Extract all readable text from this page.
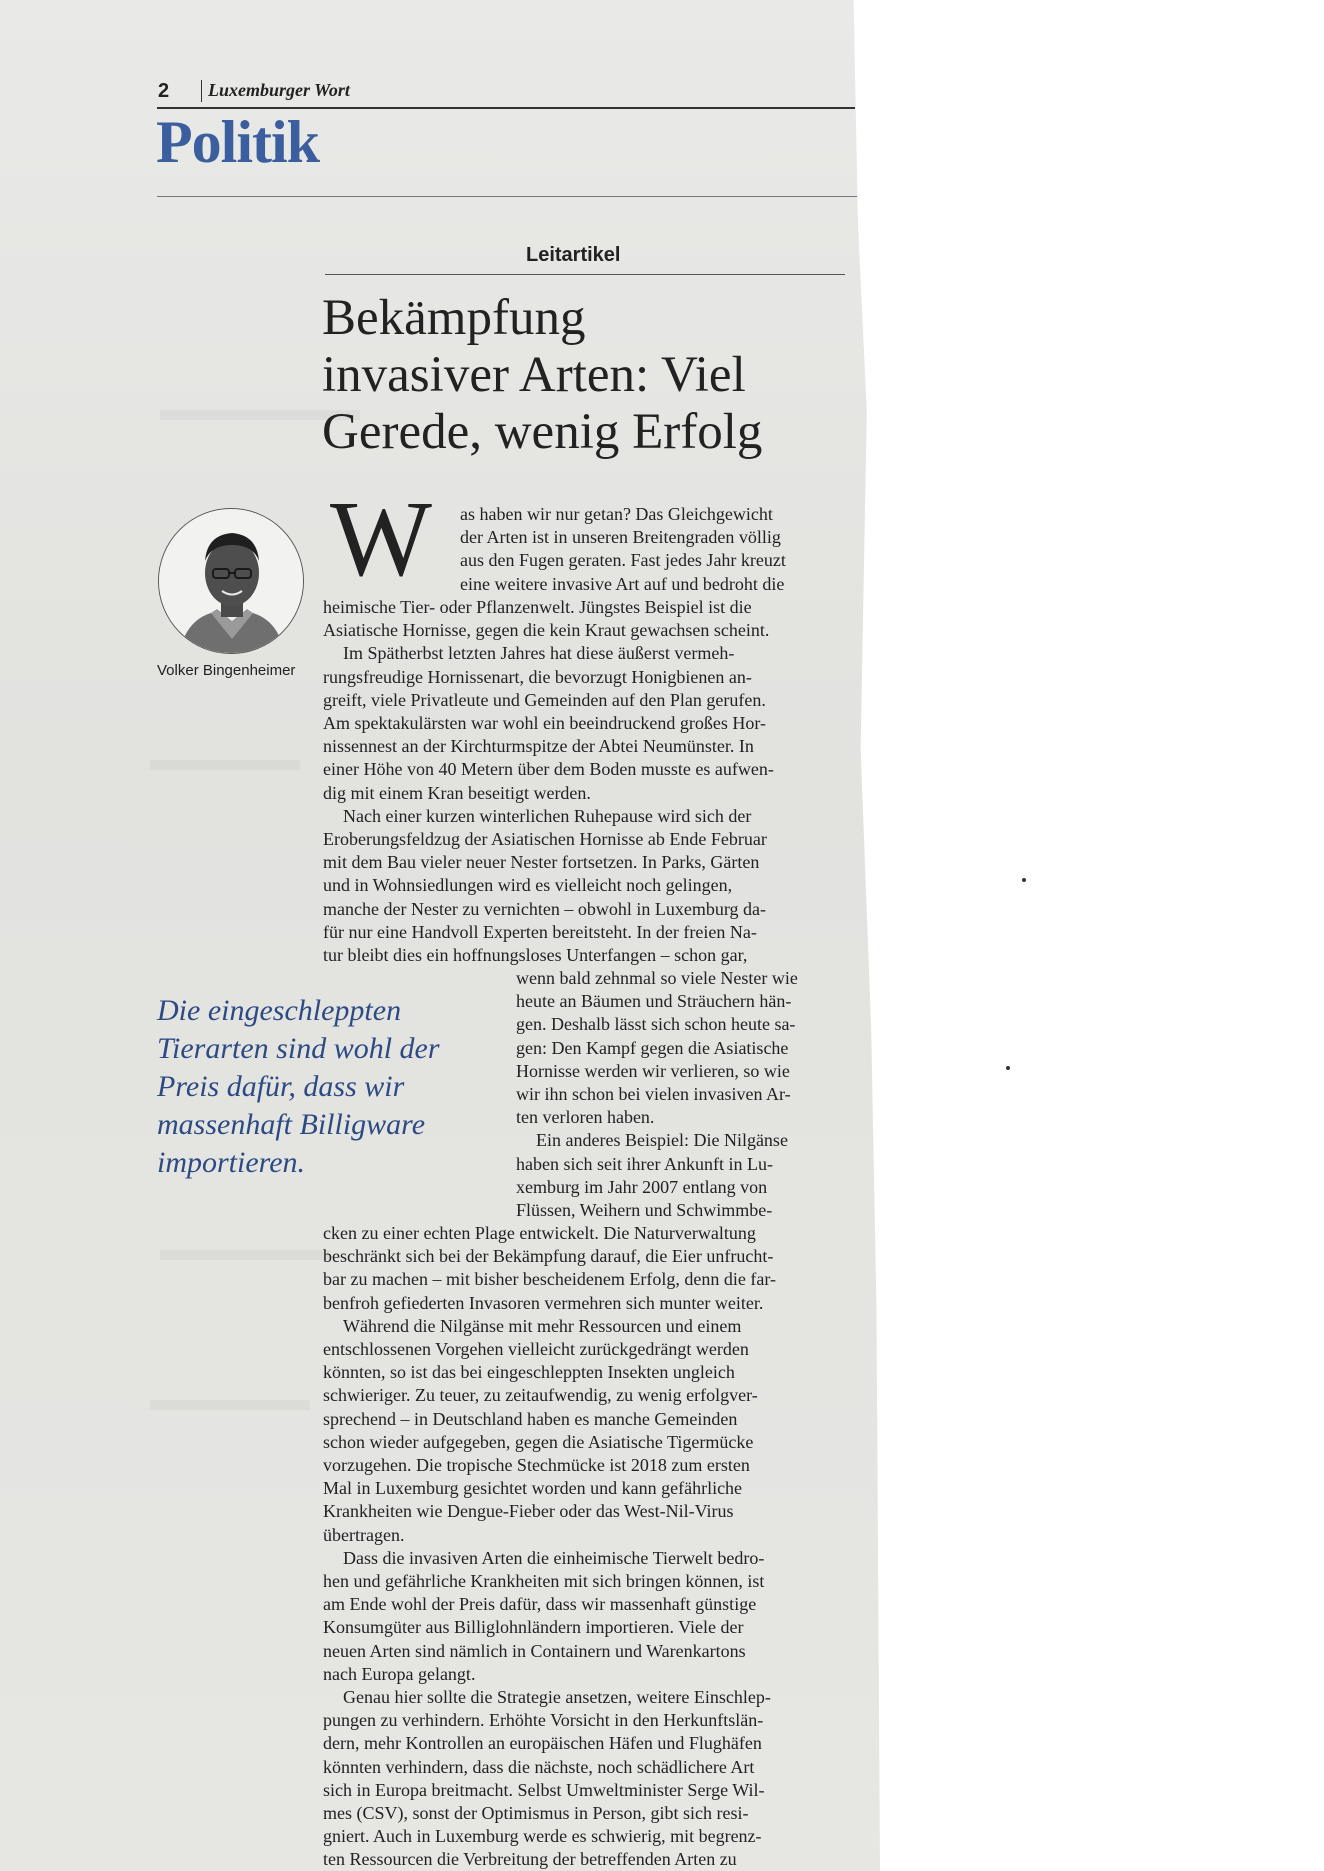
2 Luxemburger Wort
Politik
Leitartikel
Bekämpfung
invasiver Arten: Viel
Gerede, wenig Erfolg
Volker Bingenheimer
Die eingeschleppten
Tierarten sind wohl der
Preis dafür, dass wir
massenhaft Billigware
importieren.
W as haben wir nur getan? Das Gleichgewicht

der Arten ist in unseren Breitengraden völlig

aus den Fugen geraten. Fast jedes Jahr kreuzt

eine weitere invasive Art auf und bedroht die

heimische Tier- oder Pflanzenwelt. Jüngstes Beispiel ist die

Asiatische Hornisse, gegen die kein Kraut gewachsen scheint.

Im Spätherbst letzten Jahres hat diese äußerst vermeh-

rungsfreudige Hornissenart, die bevorzugt Honigbienen an-

greift, viele Privatleute und Gemeinden auf den Plan gerufen.

Am spektakulärsten war wohl ein beeindruckend großes Hor-

nissennest an der Kirchturmspitze der Abtei Neumünster. In

einer Höhe von 40 Metern über dem Boden musste es aufwen-

dig mit einem Kran beseitigt werden.

Nach einer kurzen winterlichen Ruhepause wird sich der

Eroberungsfeldzug der Asiatischen Hornisse ab Ende Februar

mit dem Bau vieler neuer Nester fortsetzen. In Parks, Gärten

und in Wohnsiedlungen wird es vielleicht noch gelingen,

manche der Nester zu vernichten – obwohl in Luxemburg da-

für nur eine Handvoll Experten bereitsteht. In der freien Na-

tur bleibt dies ein hoffnungsloses Unterfangen – schon gar,

wenn bald zehnmal so viele Nester wie

heute an Bäumen und Sträuchern hän-

gen. Deshalb lässt sich schon heute sa-

gen: Den Kampf gegen die Asiatische

Hornisse werden wir verlieren, so wie

wir ihn schon bei vielen invasiven Ar-

ten verloren haben.

Ein anderes Beispiel: Die Nilgänse

haben sich seit ihrer Ankunft in Lu-

xemburg im Jahr 2007 entlang von

Flüssen, Weihern und Schwimmbe-

cken zu einer echten Plage entwickelt. Die Naturverwaltung

beschränkt sich bei der Bekämpfung darauf, die Eier unfrucht-

bar zu machen – mit bisher bescheidenem Erfolg, denn die far-

benfroh gefiederten Invasoren vermehren sich munter weiter.

Während die Nilgänse mit mehr Ressourcen und einem

entschlossenen Vorgehen vielleicht zurückgedrängt werden

könnten, so ist das bei eingeschleppten Insekten ungleich

schwieriger. Zu teuer, zu zeitaufwendig, zu wenig erfolgver-

sprechend – in Deutschland haben es manche Gemeinden

schon wieder aufgegeben, gegen die Asiatische Tigermücke

vorzugehen. Die tropische Stechmücke ist 2018 zum ersten

Mal in Luxemburg gesichtet worden und kann gefährliche

Krankheiten wie Dengue-Fieber oder das West-Nil-Virus

übertragen.

Dass die invasiven Arten die einheimische Tierwelt bedro-

hen und gefährliche Krankheiten mit sich bringen können, ist

am Ende wohl der Preis dafür, dass wir massenhaft günstige

Konsumgüter aus Billiglohnländern importieren. Viele der

neuen Arten sind nämlich in Containern und Warenkartons

nach Europa gelangt.

Genau hier sollte die Strategie ansetzen, weitere Einschlep-

pungen zu verhindern. Erhöhte Vorsicht in den Herkunftslän-

dern, mehr Kontrollen an europäischen Häfen und Flughäfen

könnten verhindern, dass die nächste, noch schädlichere Art

sich in Europa breitmacht. Selbst Umweltminister Serge Wil-

mes (CSV), sonst der Optimismus in Person, gibt sich resi-

gniert. Auch in Luxemburg werde es schwierig, mit begrenz-

ten Ressourcen die Verbreitung der betreffenden Arten zu
